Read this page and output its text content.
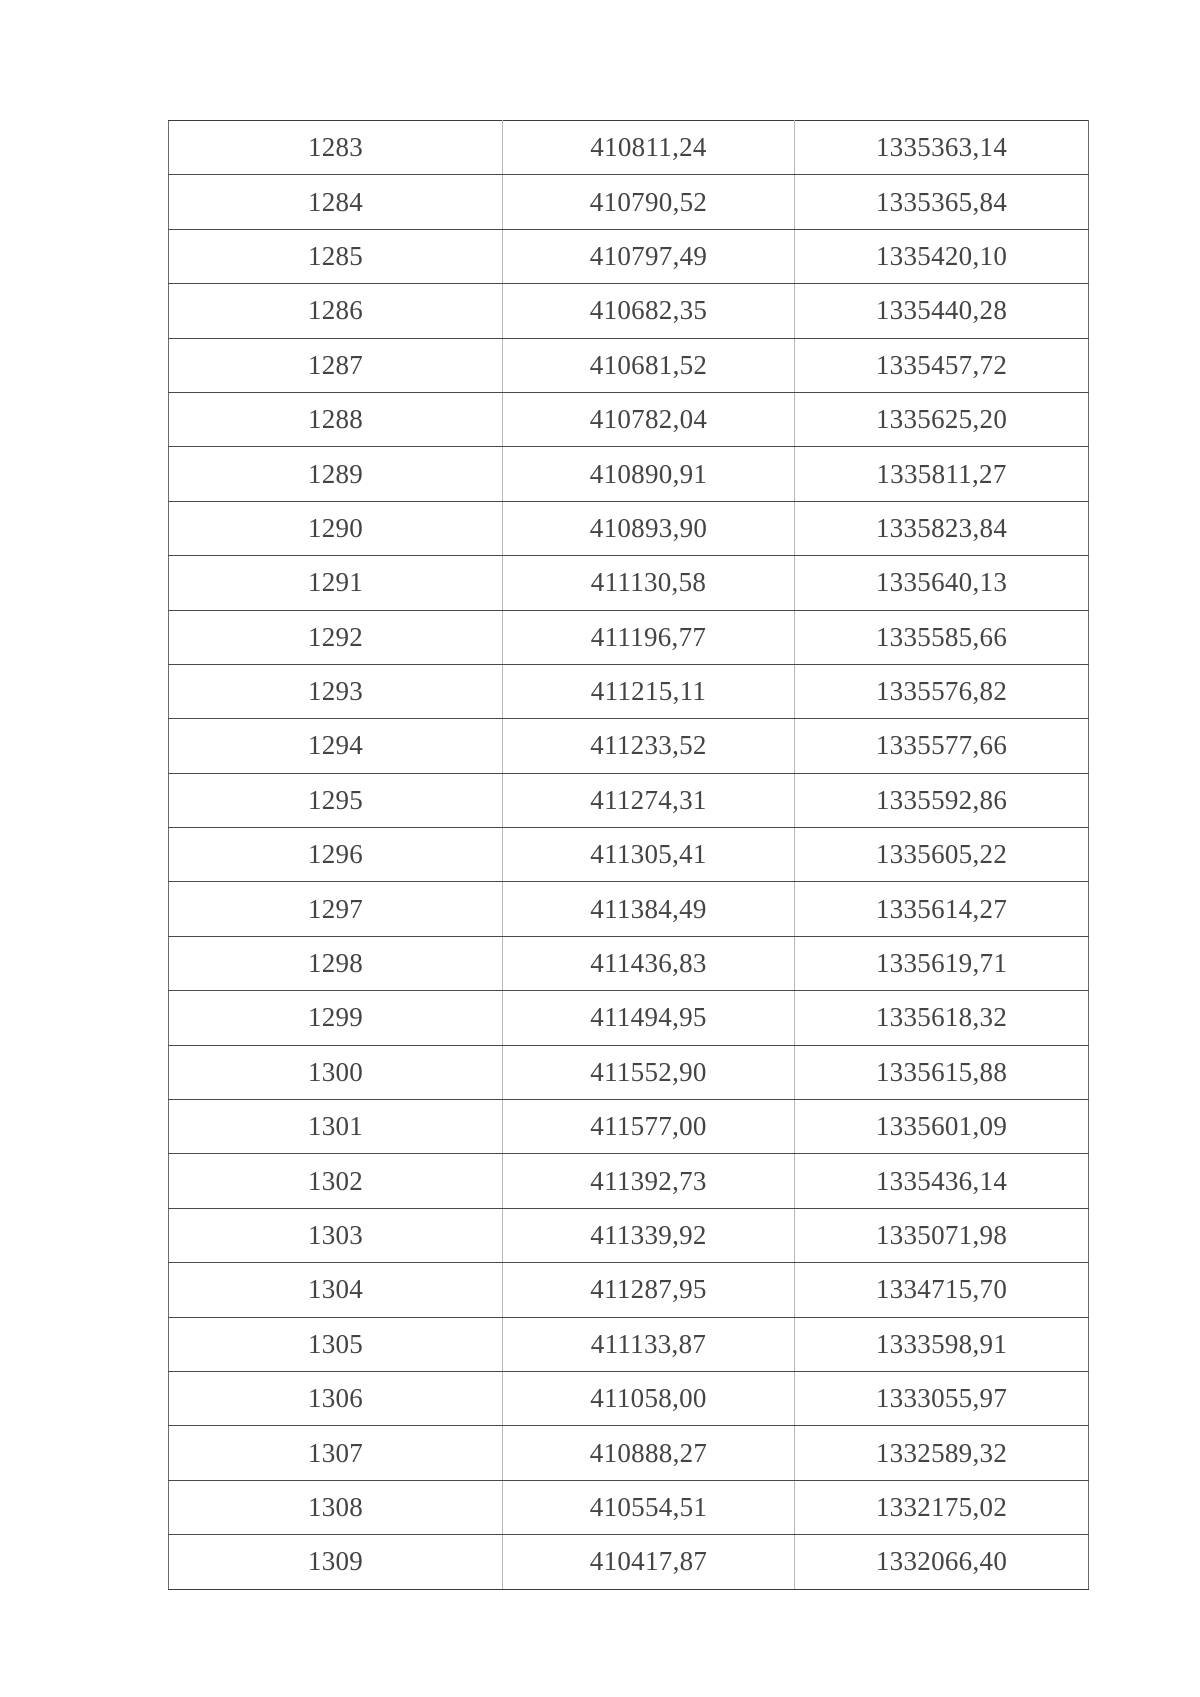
1283	410811,24	1335363,14
1284	410790,52	1335365,84
1285	410797,49	1335420,10
1286	410682,35	1335440,28
1287	410681,52	1335457,72
1288	410782,04	1335625,20
1289	410890,91	1335811,27
1290	410893,90	1335823,84
1291	411130,58	1335640,13
1292	411196,77	1335585,66
1293	411215,11	1335576,82
1294	411233,52	1335577,66
1295	411274,31	1335592,86
1296	411305,41	1335605,22
1297	411384,49	1335614,27
1298	411436,83	1335619,71
1299	411494,95	1335618,32
1300	411552,90	1335615,88
1301	411577,00	1335601,09
1302	411392,73	1335436,14
1303	411339,92	1335071,98
1304	411287,95	1334715,70
1305	411133,87	1333598,91
1306	411058,00	1333055,97
1307	410888,27	1332589,32
1308	410554,51	1332175,02
1309	410417,87	1332066,40
